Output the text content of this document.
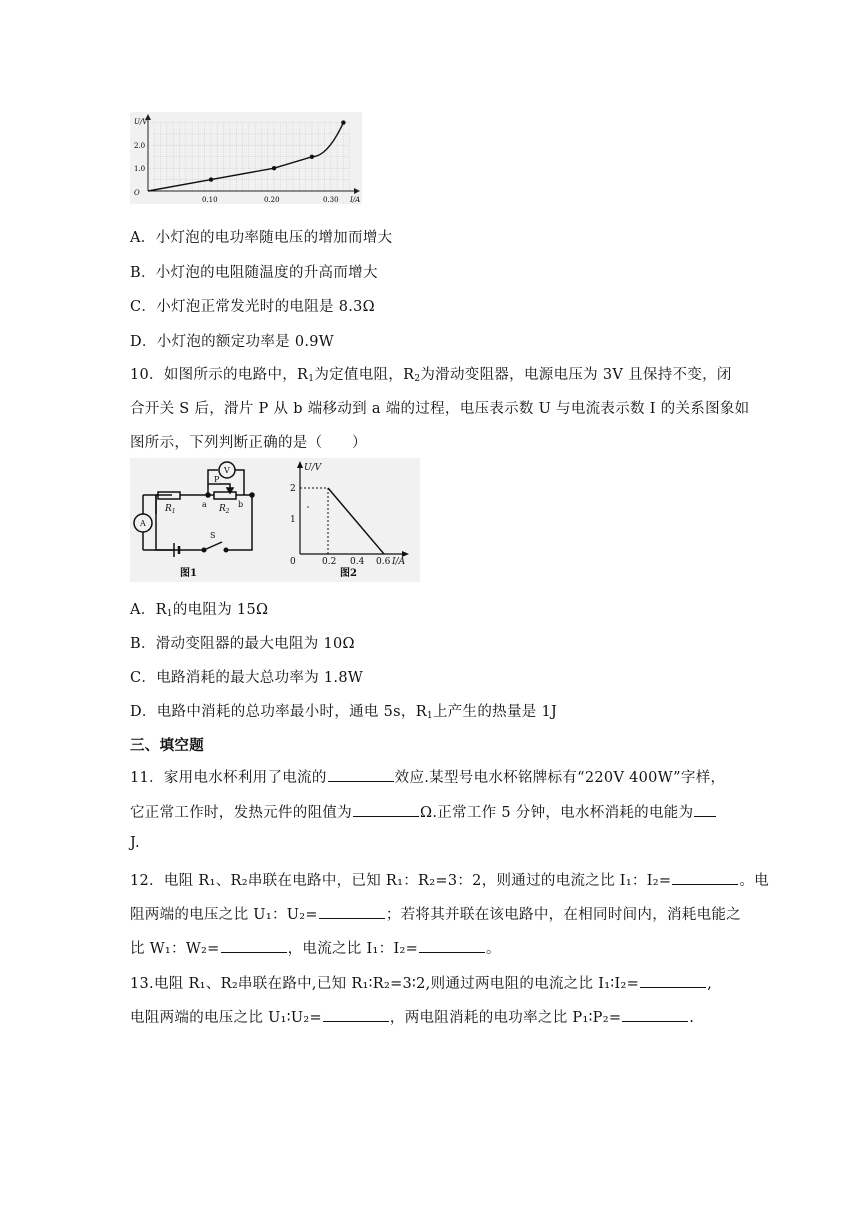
U/V
I/A
O
1.0
2.0
0.10	0.20	0.30
A．小灯泡的电功率随电压的增加而增大
B．小灯泡的电阻随温度的升高而增大
C．小灯泡正常发光时的电阻是 8.3Ω
D．小灯泡的额定功率是 0.9W
10．如图所示的电路中，$R_1$为定值电阻，$R_2$为滑动变阻器，电源电压为 3V 且保持不变，闭
合开关 S 后，滑片 P 从 b 端移动到 a 端的过程，电压表示数 U 与电流表示数 I 的关系图象如
图所示，下列判断正确的是（　　）
V
A
$R_1$	$R_2$
P
a	b
S
图1
U/V
I/A
0
1
2
0.2 0.4 0.6
图2
A．$R_1$的电阻为 15Ω
B．滑动变阻器的最大电阻为 10Ω
C．电路消耗的最大总功率为 1.8W
D．电路中消耗的总功率最小时，通电 5s，$R_1$上产生的热量是 1J
三、填空题
11．家用电水杯利用了电流的	效应.某型号电水杯铭牌标有“220V 400W”字样，
它正常工作时，发热元件的阻值为	Ω.正常工作 5 分钟，电水杯消耗的电能为
J.
12．电阻 R₁、R₂串联在电路中，已知 R₁：R₂=3：2，则通过的电流之比 I₁：I₂=	。电
阻两端的电压之比 U₁：U₂=	；若将其并联在该电路中，在相同时间内，消耗电能之
比 W₁：W₂=	，电流之比 I₁：I₂=	。
13.电阻 R₁、R₂串联在路中,已知 R₁∶R₂=3∶2,则通过两电阻的电流之比 I₁∶I₂=	,
电阻两端的电压之比 U₁∶U₂=	，两电阻消耗的电功率之比 P₁∶P₂=	.
